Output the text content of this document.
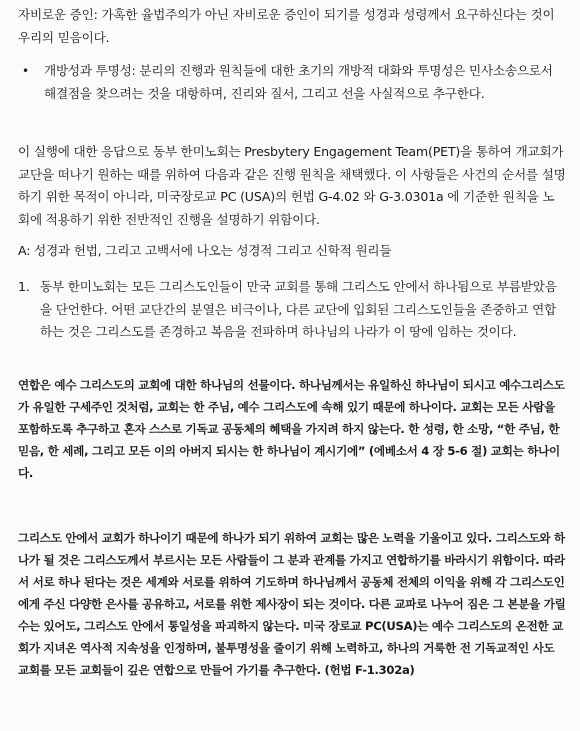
자비로운 증인: 가혹한 율법주의가 아닌 자비로운 증인이 되기를 성경과 성령께서 요구하신다는 것이 우리의 믿음이다.

•	개방성과 투명성: 분리의 진행과 원칙들에 대한 초기의 개방적 대화와 투명성은 민사소송으로서 해결점을 찾으려는 것을 대항하며, 진리와 질서, 그리고 선을 사실적으로 추구한다.

이 실행에 대한 응답으로 동부 한미노회는 Presbytery Engagement Team(PET)을 통하여 개교회가 교단을 떠나기 원하는 때를 위하여 다음과 같은 진행 원칙을 채택했다. 이 사항들은 사건의 순서를 설명하기 위한 목적이 아니라, 미국장로교 PC (USA)의 헌법 G-4.02 와 G-3.0301a 에 기준한 원칙을 노회에 적용하기 위한 전반적인 진행을 설명하기 위함이다.

A: 성경과 헌법, 그리고 고백서에 나오는 성경적 그리고 신학적 원리들

1. 동부 한미노회는 모든 그리스도인들이 만국 교회를 통해 그리스도 안에서 하나됨으로 부름받았음을 단언한다. 어떤 교단간의 분열은 비극이나, 다른 교단에 입회된 그리스도인들을 존중하고 연합하는 것은 그리스도를 존경하고 복음을 전파하며 하나님의 나라가 이 땅에 임하는 것이다.

연합은 예수 그리스도의 교회에 대한 하나님의 선물이다. 하나님께서는 유일하신 하나님이 되시고 예수그리스도가 유일한 구세주인 것처럼, 교회는 한 주님, 예수 그리스도에 속해 있기 때문에 하나이다. 교회는 모든 사람을 포함하도록 추구하고 혼자 스스로 기독교 공동체의 혜택을 가지려 하지 않는다. 한 성령, 한 소망, “한 주님, 한 믿음, 한 세례, 그리고 모든 이의 아버지 되시는 한 하나님이 계시기에” (에베소서 4 장 5-6 절) 교회는 하나이다.

그리스도 안에서 교회가 하나이기 때문에 하나가 되기 위하여 교회는 많은 노력을 기울이고 있다. 그리스도와 하나가 될 것은 그리스도께서 부르시는 모든 사람들이 그 분과 관계를 가지고 연합하기를 바라시기 위함이다. 따라서 서로 하나 된다는 것은 세계와 서로를 위하여 기도하며 하나님께서 공동체 전체의 이익을 위해 각 그리스도인에게 주신 다양한 은사를 공유하고, 서로를 위한 제사장이 되는 것이다. 다른 교파로 나누어 짐은 그 본분을 가릴수는 있어도, 그리스도 안에서 통일성을 파괴하지 않는다. 미국 장로교 PC(USA)는 예수 그리스도의 온전한 교회가 지녀온 역사적 지속성을 인정하며, 불투명성을 줄이기 위해 노력하고, 하나의 거룩한 전 기독교적인 사도 교회를 모든 교회들이 깊은 연합으로 만들어 가기를 추구한다. (헌법 F-1.302a)
